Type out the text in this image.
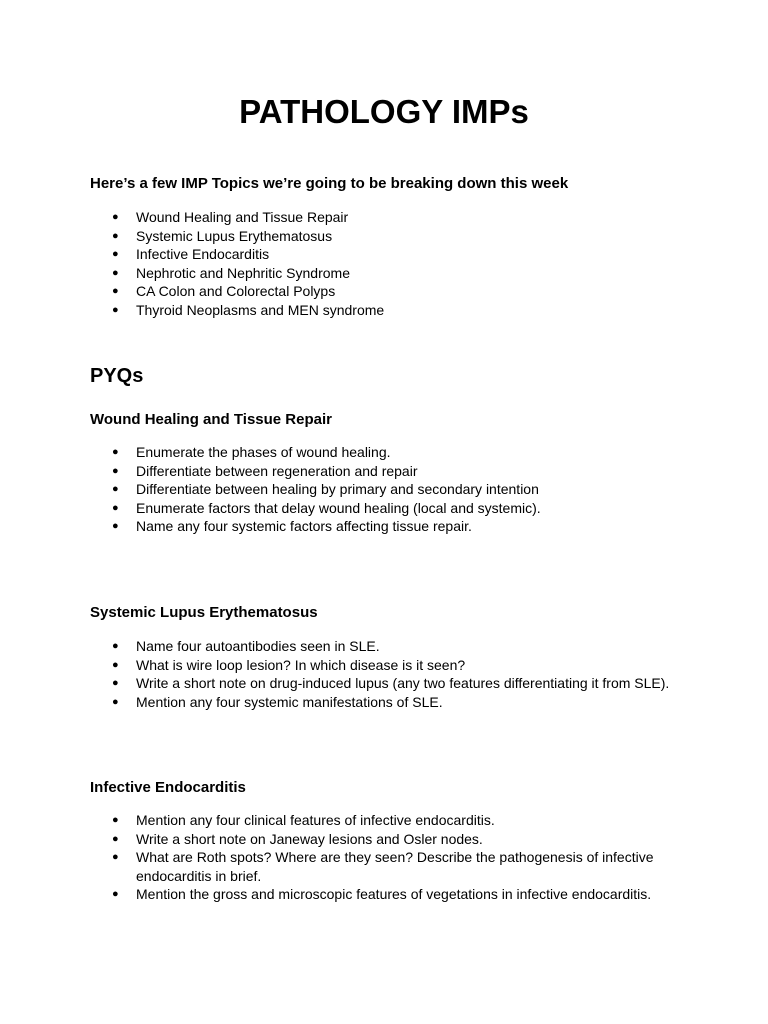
PATHOLOGY IMPs

Here’s a few IMP Topics we’re going to be breaking down this week

● Wound Healing and Tissue Repair
● Systemic Lupus Erythematosus
● Infective Endocarditis
● Nephrotic and Nephritic Syndrome
● CA Colon and Colorectal Polyps
● Thyroid Neoplasms and MEN syndrome
PYQs
Wound Healing and Tissue Repair
● Enumerate the phases of wound healing.
● Differentiate between regeneration and repair
● Differentiate between healing by primary and secondary intention
● Enumerate factors that delay wound healing (local and systemic).
● Name any four systemic factors affecting tissue repair.
Systemic Lupus Erythematosus
● Name four autoantibodies seen in SLE.
● What is wire loop lesion? In which disease is it seen?
● Write a short note on drug-induced lupus (any two features differentiating it from SLE).
● Mention any four systemic manifestations of SLE.
Infective Endocarditis
● Mention any four clinical features of infective endocarditis.
● Write a short note on Janeway lesions and Osler nodes.
● What are Roth spots? Where are they seen? Describe the pathogenesis of infective endocarditis in brief.
● Mention the gross and microscopic features of vegetations in infective endocarditis.
